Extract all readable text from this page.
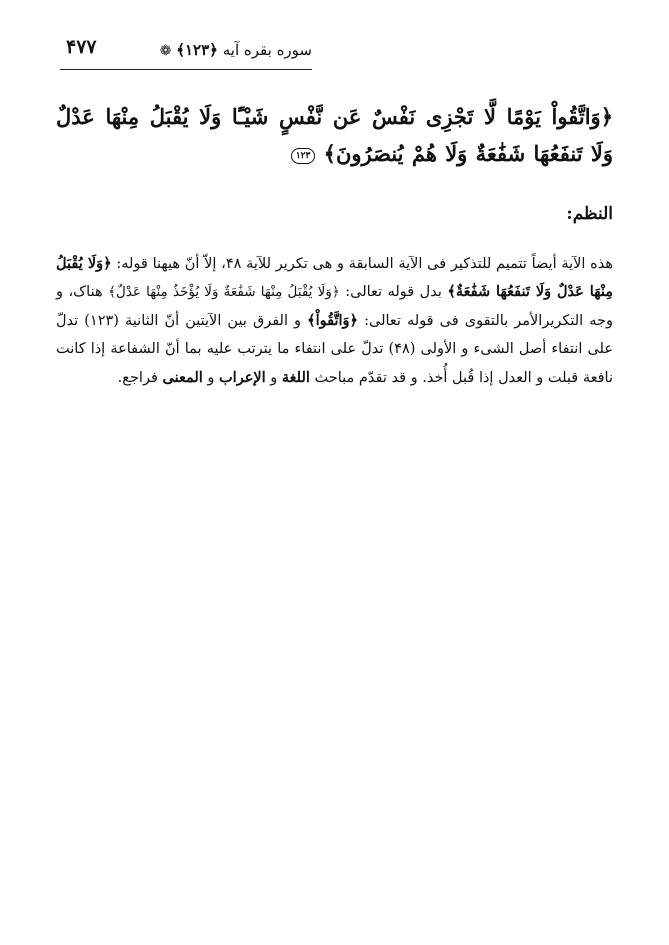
سوره بقره آیه ﴿١٢٣﴾ ❁
۴۷۷
﴿وَاتَّقُواْ يَوْمًا لَّا تَجْزِى نَفْسٌ عَن نَّفْسٍ شَيْـًٔا وَلَا يُقْبَلُ مِنْهَا عَدْلٌ وَلَا تَنفَعُهَا شَفَٰعَةٌ وَلَا هُمْ يُنصَرُونَ﴾ ١٢٣
النظم:
هذه الآیة أیضاً تتمیم للتذکیر فی الآیة السابقة و هی تکریر للآیة ۴۸، إلاّ أنّ هیهنا قوله: ﴿وَلَا يُقْبَلُ مِنْهَا عَدْلٌ وَلَا تَنفَعُهَا شَفَٰعَةٌ﴾ بدل قوله تعالی: ﴿وَلَا يُقْبَلُ مِنْهَا شَفَٰعَةٌ وَلَا يُؤْخَذُ مِنْهَا عَدْلٌ﴾ هناک، و وجه التکریرالأمر بالتقوی فی قوله تعالی: ﴿وَاتَّقُواْ﴾ و الفرق بین الآیتین أنّ الثانیة (١٢٣) تدلّ علی انتفاء أصل الشیء و الأولی (۴۸) تدلّ علی انتفاء ما یترتب علیه بما أنّ الشفاعة إذا کانت نافعة قبلت و العدل إذا قُبل أُخذ. و قد تقدّم مباحث اللغة و الإعراب و المعنی فراجع.
